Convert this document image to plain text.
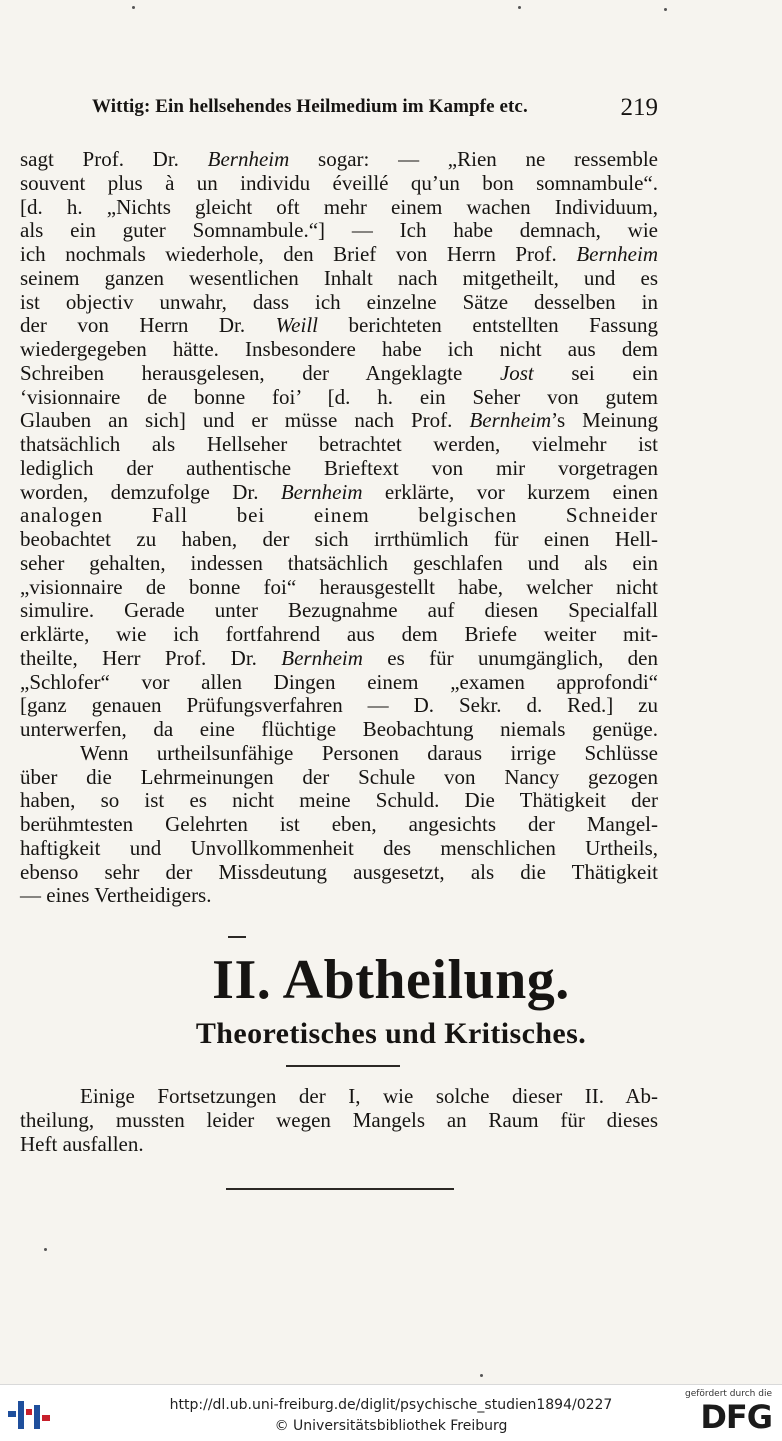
Wittig: Ein hellsehendes Heilmedium im Kampfe etc.	219
sagt Prof. Dr. Bernheim sogar: — „Rien ne ressemble
souvent plus à un individu éveillé qu’un bon somnambule“.
[d. h. „Nichts gleicht oft mehr einem wachen Individuum,
als ein guter Somnambule.“] — Ich habe demnach, wie
ich nochmals wiederhole, den Brief von Herrn Prof. Bernheim
seinem ganzen wesentlichen Inhalt nach mitgetheilt, und es
ist objectiv unwahr, dass ich einzelne Sätze desselben in
der von Herrn Dr. Weill berichteten entstellten Fassung
wiedergegeben hätte. Insbesondere habe ich nicht aus dem
Schreiben herausgelesen, der Angeklagte Jost sei ein
‘visionnaire de bonne foi’ [d. h. ein Seher von gutem
Glauben an sich] und er müsse nach Prof. Bernheim’s Meinung
thatsächlich als Hellseher betrachtet werden, vielmehr ist
lediglich der authentische Brieftext von mir vorgetragen
worden, demzufolge Dr. Bernheim erklärte, vor kurzem einen
analogen Fall bei einem belgischen Schneider
beobachtet zu haben, der sich irrthümlich für einen Hell-
seher gehalten, indessen thatsächlich geschlafen und als ein
„visionnaire de bonne foi“ herausgestellt habe, welcher nicht
simulire. Gerade unter Bezugnahme auf diesen Specialfall
erklärte, wie ich fortfahrend aus dem Briefe weiter mit-
theilte, Herr Prof. Dr. Bernheim es für unumgänglich, den
„Schlofer“ vor allen Dingen einem „examen approfondi“
[ganz genauen Prüfungsverfahren — D. Sekr. d. Red.] zu
unterwerfen, da eine flüchtige Beobachtung niemals genüge.
Wenn urtheilsunfähige Personen daraus irrige Schlüsse
über die Lehrmeinungen der Schule von Nancy gezogen
haben, so ist es nicht meine Schuld. Die Thätigkeit der
berühmtesten Gelehrten ist eben, angesichts der Mangel-
haftigkeit und Unvollkommenheit des menschlichen Urtheils,
ebenso sehr der Missdeutung ausgesetzt, als die Thätigkeit
— eines Vertheidigers.
II. Abtheilung.
Theoretisches und Kritisches.
Einige Fortsetzungen der I, wie solche dieser II. Ab-
theilung, mussten leider wegen Mangels an Raum für dieses
Heft ausfallen.
http://dl.ub.uni-freiburg.de/diglit/psychische_studien1894/0227
© Universitätsbibliothek Freiburg
gefördert durch die
DFG
